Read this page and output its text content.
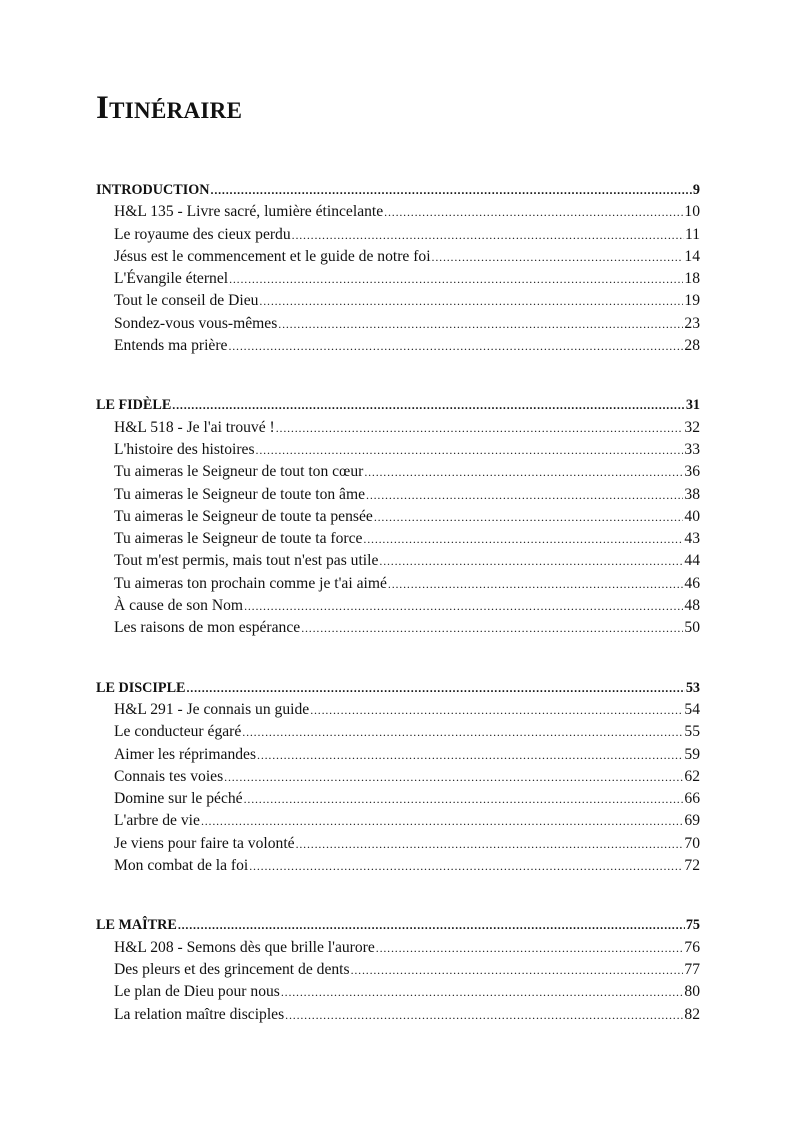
Itinéraire
INTRODUCTION .....	9
H&L 135 - Livre sacré, lumière étincelante .....	10
Le royaume des cieux perdu .....	11
Jésus est le commencement et le guide de notre foi .....	14
L'Évangile éternel .....	18
Tout le conseil de Dieu .....	19
Sondez-vous vous-mêmes .....	23
Entends ma prière .....	28
LE FIDÈLE .....	31
H&L 518 - Je l'ai trouvé ! .....	32
L'histoire des histoires .....	33
Tu aimeras le Seigneur de tout ton cœur .....	36
Tu aimeras le Seigneur de toute ton âme .....	38
Tu aimeras le Seigneur de toute ta pensée .....	40
Tu aimeras le Seigneur de toute ta force .....	43
Tout m'est permis, mais tout n'est pas utile .....	44
Tu aimeras ton prochain comme je t'ai aimé .....	46
À cause de son Nom .....	48
Les raisons de mon espérance .....	50
LE DISCIPLE .....	53
H&L 291 - Je connais un guide .....	54
Le conducteur égaré .....	55
Aimer les réprimandes .....	59
Connais tes voies .....	62
Domine sur le péché .....	66
L'arbre de vie .....	69
Je viens pour faire ta volonté .....	70
Mon combat de la foi .....	72
LE MAÎTRE .....	75
H&L 208 - Semons dès que brille l'aurore .....	76
Des pleurs et des grincement de dents .....	77
Le plan de Dieu pour nous .....	80
La relation maître disciples .....	82
